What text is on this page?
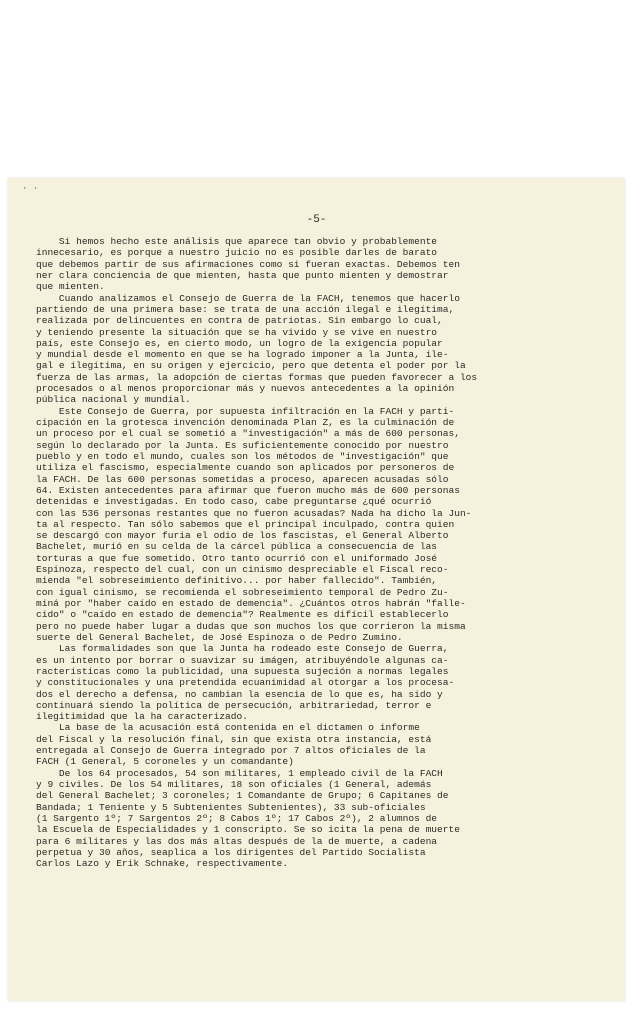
· ·
-5-
Si hemos hecho este análisis que aparece tan obvio y probablemente
innecesario, es porque a nuestro juicio no es posible darles de barato
que debemos partir de sus afirmaciones como si fueran exactas. Debemos ten
ner clara conciencia de que mienten, hasta que punto mienten y demostrar
que mienten.
Cuando analizamos el Consejo de Guerra de la FACH, tenemos que hacerlo
partiendo de una primera base: se trata de una acción ilegal e ilegítima,
realizada por delincuentes en contra de patriotas. Sin embargo lo cual,
y teniendo presente la situación que se ha vivido y se vive en nuestro
país, este Consejo es, en cierto modo, un logro de la exigencia popular
y mundial desde el momento en que se ha logrado imponer a la Junta, ile-
gal e ilegítima, en su origen y ejercicio, pero que detenta el poder por la
fuerza de las armas, la adopción de ciertas formas que pueden favorecer a los
procesados o al menos proporcionar más y nuevos antecedentes a la opinión
pública nacional y mundial.
Este Consejo de Guerra, por supuesta infiltración en la FACH y parti-
cipación en la grotesca invención denominada Plan Z, es la culminación de
un proceso por el cual se sometió a "investigación" a más de 600 personas,
según lo declarado por la Junta. Es suficientemente conocido por nuestro
pueblo y en todo el mundo, cuales son los métodos de "investigación" que
utiliza el fascismo, especialmente cuando son aplicados por personeros de
la FACH. De las 600 personas sometidas a proceso, aparecen acusadas sólo
64. Existen antecedentes para afirmar que fueron mucho más de 600 personas
detenidas e investigadas. En todo caso, cabe preguntarse ¿qué ocurrió
con las 536 personas restantes que no fueron acusadas? Nada ha dicho la Jun-
ta al respecto. Tan sólo sabemos que el principal inculpado, contra quien
se descargó con mayor furia el odio de los fascistas, el General Alberto
Bachelet, murió en su celda de la cárcel pública a consecuencia de las
torturas a que fue sometido. Otro tanto ocurrió con el uniformado José
Espinoza, respecto del cual, con un cinismo despreciable el Fiscal reco-
mienda "el sobreseimiento definitivo... por haber fallecido". También,
con igual cinismo, se recomienda el sobreseimiento temporal de Pedro Zu-
miná por "haber caído en estado de demencia". ¿Cuántos otros habrán "falle-
cido" o "caído en estado de demencia"? Realmente es difícil establecerlo
pero no puede haber lugar a dudas que son muchos los que corrieron la misma
suerte del General Bachelet, de José Espinoza o de Pedro Zumino.
Las formalidades son que la Junta ha rodeado este Consejo de Guerra,
es un intento por borrar o suavizar su imágen, atribuyéndole algunas ca-
racterísticas como la publicidad, una supuesta sujeción a normas legales
y constitucionales y una pretendida ecuanimidad al otorgar a los procesa-
dos el derecho a defensa, no cambian la esencia de lo que es, ha sido y
continuará siendo la política de persecución, arbitrariedad, terror e
ilegitimidad que la ha caracterizado.
La base de la acusación está contenida en el dictamen o informe
del Fiscal y la resolución final, sin que exista otra instancia, está
entregada al Consejo de Guerra integrado por 7 altos oficiales de la
FACH (1 General, 5 coroneles y un comandante)
De los 64 procesados, 54 son militares, 1 empleado civil de la FACH
y 9 civiles. De los 54 militares, 18 son oficiales (1 General, además
del General Bachelet; 3 coroneles; 1 Comandante de Grupo; 6 Capitanes de
Bandada; 1 Teniente y 5 Subtenientes Subtenientes), 33 sub-oficiales
(1 Sargento 1º; 7 Sargentos 2º; 8 Cabos 1º; 17 Cabos 2º), 2 alumnos de
la Escuela de Especialidades y 1 conscripto. Se so icita la pena de muerte
para 6 militares y las dos más altas después de la de muerte, a cadena
perpetua y 30 años, seaplica a los dirigentes del Partido Socialista
Carlos Lazo y Erik Schnake, respectivamente.
